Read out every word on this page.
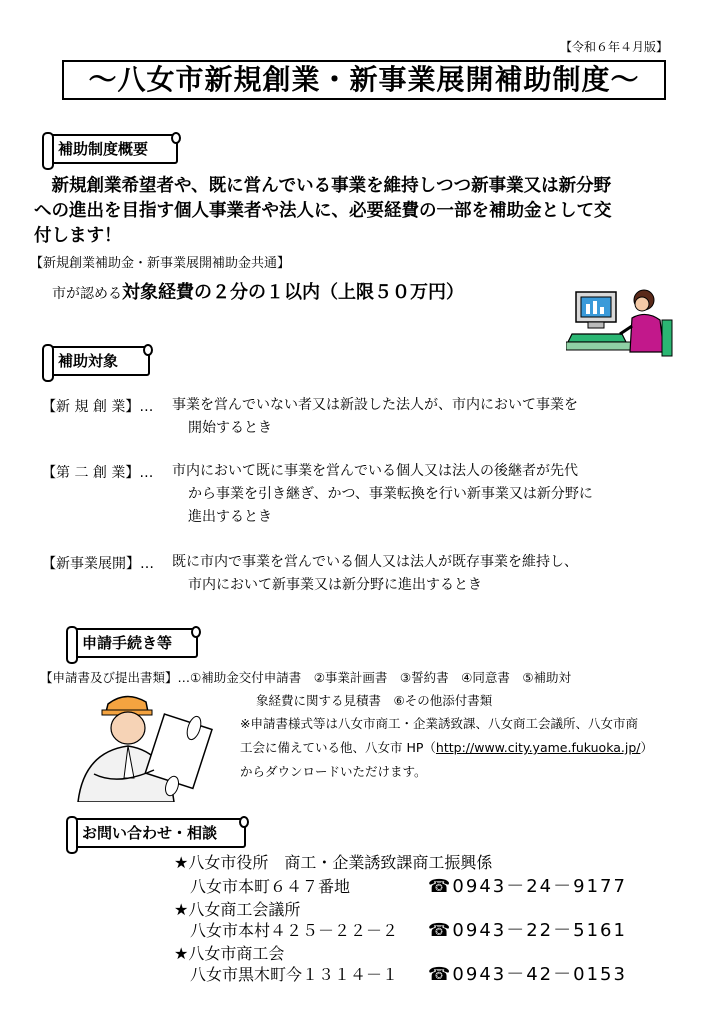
【令和６年４月版】
～八女市新規創業・新事業展開補助制度～
補助制度概要
　新規創業希望者や、既に営んでいる事業を維持しつつ新事業又は新分野
への進出を目指す個人事業者や法人に、必要経費の一部を補助金として交
付します！
【新規創業補助金・新事業展開補助金共通】
市が認める対象経費の２分の１以内（上限５０万円）
補助対象
【新 規 創 業】… 事業を営んでいない者又は新設した法人が、市内において事業を
開始するとき
【第 二 創 業】… 市内において既に事業を営んでいる個人又は法人の後継者が先代
から事業を引き継ぎ、かつ、事業転換を行い新事業又は新分野に
進出するとき
【新事業展開】… 既に市内で事業を営んでいる個人又は法人が既存事業を維持し、
市内において新事業又は新分野に進出するとき
申請手続き等
【申請書及び提出書類】…①補助金交付申請書　②事業計画書　③誓約書　④同意書　⑤補助対
象経費に関する見積書　⑥その他添付書類
※申請書様式等は八女市商工・企業誘致課、八女商工会議所、八女市商
工会に備えている他、八女市 HP（http://www.city.yame.fukuoka.jp/）
からダウンロードいただけます。
お問い合わせ・相談
★八女市役所　商工・企業誘致課商工振興係
八女市本町６４７番地	☎0943－24－9177
★八女商工会議所
八女市本村４２５－２２－２ ☎0943－22－5161
★八女市商工会
八女市黒木町今１３１４－１ ☎0943－42－0153
